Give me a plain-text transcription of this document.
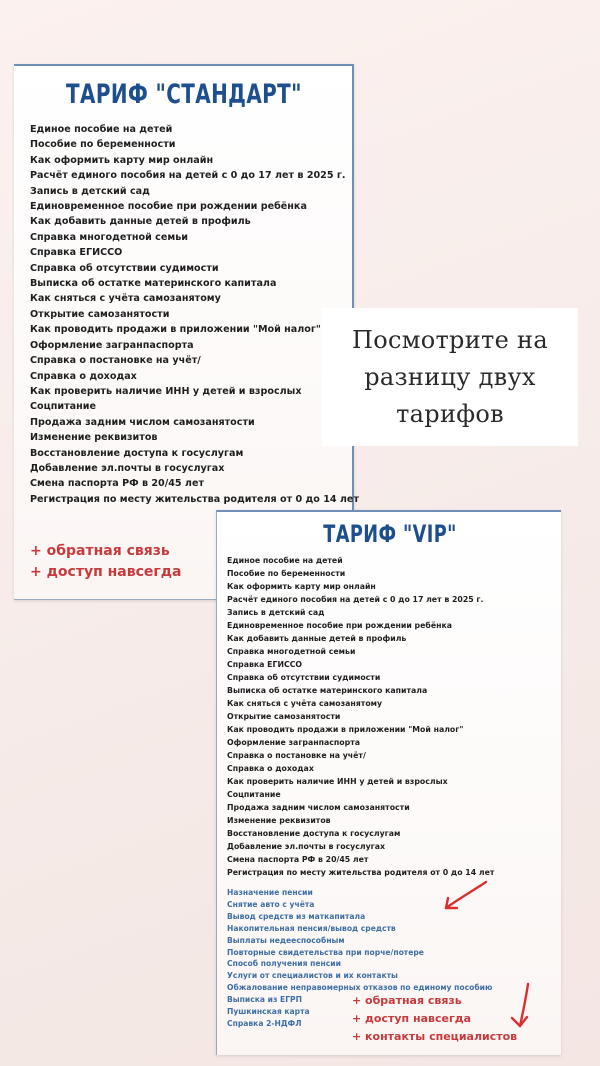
ТАРИФ "СТАНДАРТ"
Единое пособие на детей
Пособие по беременности
Как оформить карту мир онлайн
Расчёт единого пособия на детей с 0 до 17 лет в 2025 г.
Запись в детский сад
Единовременное пособие при рождении ребёнка
Как добавить данные детей в профиль
Справка многодетной семьи
Справка ЕГИССО
Справка об отсутствии судимости
Выписка об остатке материнского капитала
Как сняться с учёта самозанятому
Открытие самозанятости
Как проводить продажи в приложении "Мой налог"
Оформление загранпаспорта
Справка о постановке на учёт/
Справка о доходах
Как проверить наличие ИНН у детей и взрослых
Соцпитание
Продажа задним числом самозанятости
Изменение реквизитов
Восстановление доступа к госуслугам
Добавление эл.почты в госуслугах
Смена паспорта РФ в 20/45 лет
Регистрация по месту жительства родителя от 0 до 14 лет
+ обратная связь
+ доступ навсегда

Посмотрите на
разницу двух
тарифов

ТАРИФ "VIP"
Единое пособие на детей
Пособие по беременности
Как оформить карту мир онлайн
Расчёт единого пособия на детей с 0 до 17 лет в 2025 г.
Запись в детский сад
Единовременное пособие при рождении ребёнка
Как добавить данные детей в профиль
Справка многодетной семьи
Справка ЕГИССО
Справка об отсутствии судимости
Выписка об остатке материнского капитала
Как сняться с учёта самозанятому
Открытие самозанятости
Как проводить продажи в приложении "Мой налог"
Оформление загранпаспорта
Справка о постановке на учёт/
Справка о доходах
Как проверить наличие ИНН у детей и взрослых
Соцпитание
Продажа задним числом самозанятости
Изменение реквизитов
Восстановление доступа к госуслугам
Добавление эл.почты в госуслугах
Смена паспорта РФ в 20/45 лет
Регистрация по месту жительства родителя от 0 до 14 лет
Назначение пенсии
Снятие авто с учёта
Вывод средств из маткапитала
Накопительная пенсия/вывод средств
Выплаты недееспособным
Повторные свидетельства при порче/потере
Способ получения пенсии
Услуги от специалистов и их контакты
Обжалование неправомерных отказов по единому пособию
Выписка из ЕГРП
Пушкинская карта
Справка 2-НДФЛ
+ обратная связь
+ доступ навсегда
+ контакты специалистов
